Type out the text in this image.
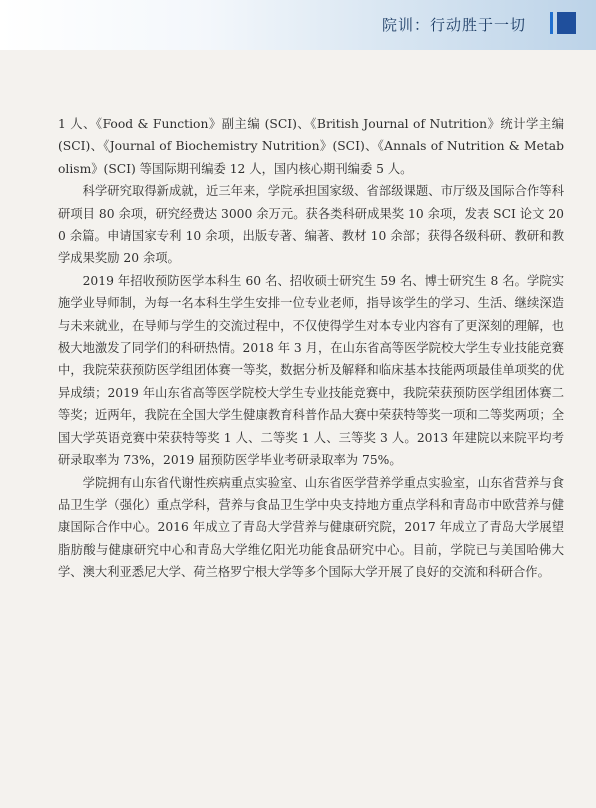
院训：行动胜于一切

1 人、《Food & Function》副主编 (SCI)、《British Journal of Nutrition》统计学主编 (SCI)、《Journal of Biochemistry Nutrition》(SCI)、《Annals of Nutrition & Metabolism》(SCI) 等国际期刊编委 12 人，国内核心期刊编委 5 人。

科学研究取得新成就，近三年来，学院承担国家级、省部级课题、市厅级及国际合作等科研项目 80 余项，研究经费达 3000 余万元。获各类科研成果奖 10 余项，发表 SCI 论文 200 余篇。申请国家专利 10 余项，出版专著、编著、教材 10 余部；获得各级科研、教研和教学成果奖励 20 余项。

2019 年招收预防医学本科生 60 名、招收硕士研究生 59 名、博士研究生 8 名。学院实施学业导师制，为每一名本科生学生安排一位专业老师，指导该学生的学习、生活、继续深造与未来就业，在导师与学生的交流过程中，不仅使得学生对本专业内容有了更深刻的理解，也极大地激发了同学们的科研热情。2018 年 3 月，在山东省高等医学院校大学生专业技能竞赛中，我院荣获预防医学组团体赛一等奖，数据分析及解释和临床基本技能两项最佳单项奖的优异成绩；2019 年山东省高等医学院校大学生专业技能竞赛中，我院荣获预防医学组团体赛二等奖；近两年，我院在全国大学生健康教育科普作品大赛中荣获特等奖一项和二等奖两项；全国大学英语竞赛中荣获特等奖 1 人、二等奖 1 人、三等奖 3 人。2013 年建院以来院平均考研录取率为 73%，2019 届预防医学毕业考研录取率为 75%。

学院拥有山东省代谢性疾病重点实验室、山东省医学营养学重点实验室，山东省营养与食品卫生学（强化）重点学科，营养与食品卫生学中央支持地方重点学科和青岛市中欧营养与健康国际合作中心。2016 年成立了青岛大学营养与健康研究院，2017 年成立了青岛大学展望脂肪酸与健康研究中心和青岛大学维亿阳光功能食品研究中心。目前，学院已与美国哈佛大学、澳大利亚悉尼大学、荷兰格罗宁根大学等多个国际大学开展了良好的交流和科研合作。
